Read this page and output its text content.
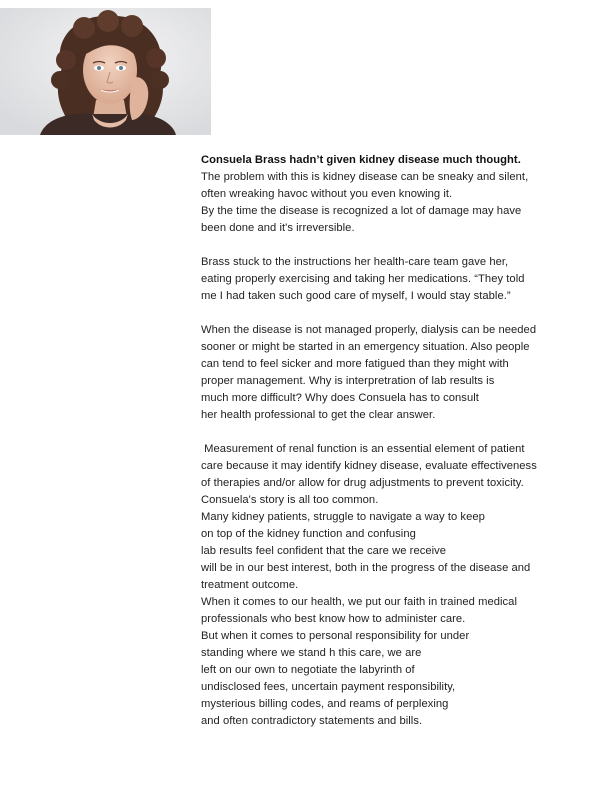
Consuela Brass hadn’t given kidney disease much thought.
The problem with this is kidney disease can be sneaky and silent,
often wreaking havoc without you even knowing it.
By the time the disease is recognized a lot of damage may have
been done and it's irreversible.
Brass stuck to the instructions her health-care team gave her,
eating properly exercising and taking her medications. “They told
me I had taken such good care of myself, I would stay stable.”
When the disease is not managed properly, dialysis can be needed
sooner or might be started in an emergency situation. Also people
can tend to feel sicker and more fatigued than they might with
proper management. Why is interpretration of lab results is
much more difficult? Why does Consuela has to consult
her health professional to get the clear answer.
Measurement of renal function is an essential element of patient
care because it may identify kidney disease, evaluate effectiveness
of therapies and/or allow for drug adjustments to prevent toxicity.
Consuela's story is all too common.
Many kidney patients, struggle to navigate a way to keep
on top of the kidney function and confusing
lab results feel confident that the care we receive
will be in our best interest, both in the progress of the disease and
treatment outcome.
When it comes to our health, we put our faith in trained medical
professionals who best know how to administer care.
But when it comes to personal responsibility for under
standing where we stand h this care, we are
left on our own to negotiate the labyrinth of
undisclosed fees, uncertain payment responsibility,
mysterious billing codes, and reams of perplexing
and often contradictory statements and bills.
